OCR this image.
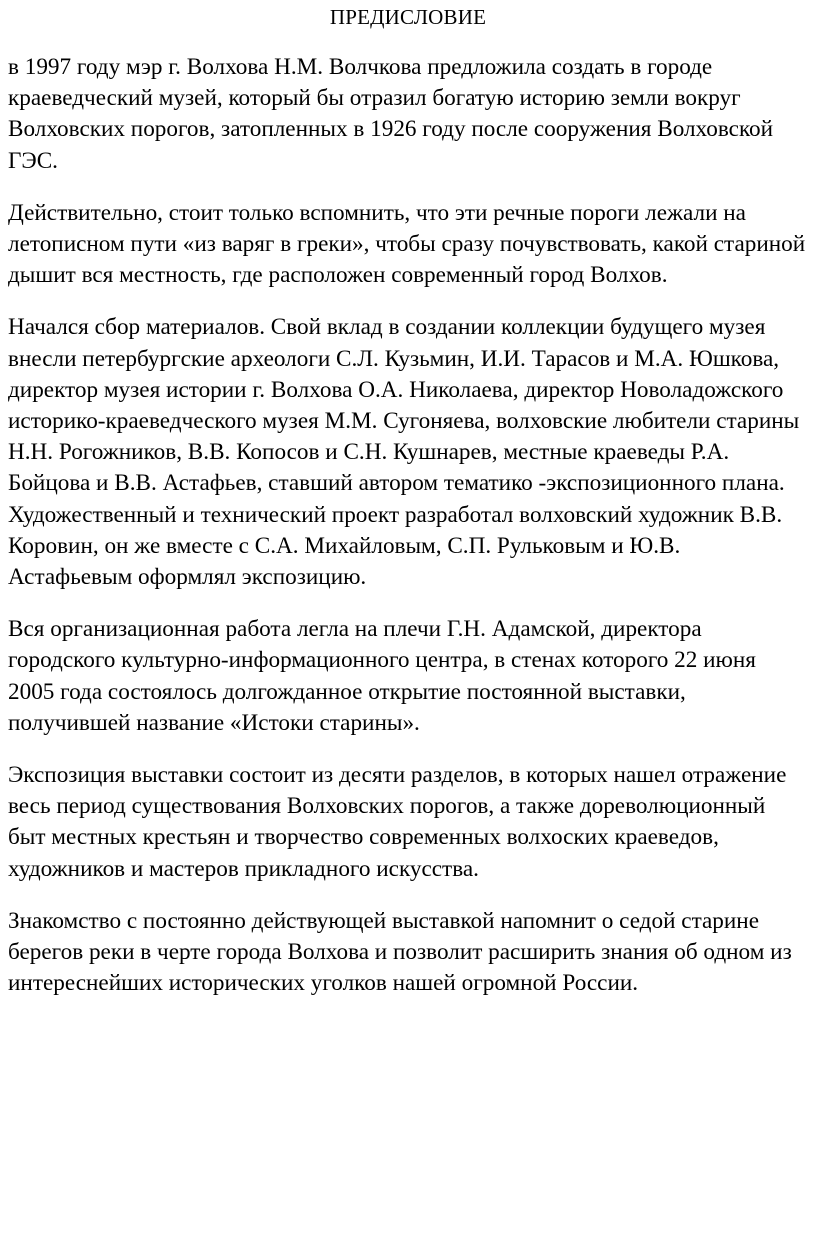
ПРЕДИСЛОВИЕ

в 1997 году мэр г. Волхова Н.М. Волчкова предложила создать в городе краеведческий музей, который бы отразил богатую историю земли вокруг Волховских порогов, затопленных в 1926 году после сооружения Волховской ГЭС.

Действительно, стоит только вспомнить, что эти речные пороги лежали на летописном пути «из варяг в греки», чтобы сразу почувствовать, какой стариной дышит вся местность, где расположен современный город Волхов.

Начался сбор материалов. Свой вклад в создании коллекции будущего музея внесли петербургские археологи С.Л. Кузьмин, И.И. Тарасов и М.А. Юшкова, директор музея истории г. Волхова О.А. Николаева, директор Новоладожского историко-краеведческого музея М.М. Сугоняева, волховские любители старины Н.Н. Рогожников, В.В. Копосов и С.Н. Кушнарев, местные краеведы Р.А. Бойцова и В.В. Астафьев, ставший автором тематико -экспозиционного плана. Художественный и технический проект разработал волховский художник В.В. Коровин, он же вместе с С.А. Михайловым, С.П. Рульковым и Ю.В. Астафьевым оформлял экспозицию.

Вся организационная работа легла на плечи Г.Н. Адамской, директора городского культурно-информационного центра, в стенах которого 22 июня 2005 года состоялось долгожданное открытие постоянной выставки, получившей название «Истоки старины».

Экспозиция выставки состоит из десяти разделов, в которых нашел отражение весь период существования Волховских порогов, а также дореволюционный быт местных крестьян и творчество современных волхоских краеведов, художников и мастеров прикладного искусства.

Знакомство с постоянно действующей выставкой напомнит о седой старине берегов реки в черте города Волхова и позволит расширить знания об одном из интереснейших исторических уголков нашей огромной России.
